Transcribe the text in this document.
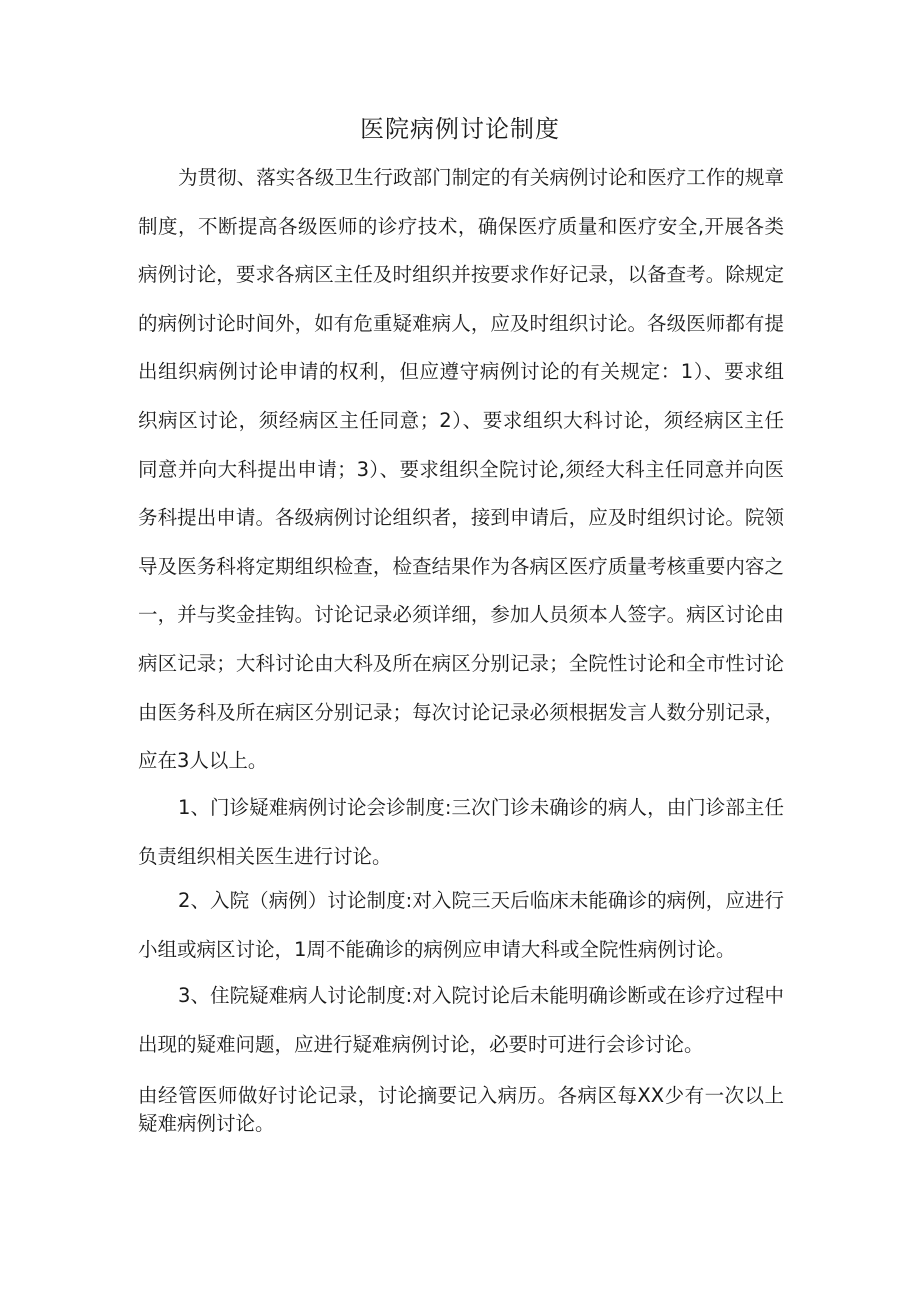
医院病例讨论制度

为贯彻、落实各级卫生行政部门制定的有关病例讨论和医疗工作的规章制度，不断提高各级医师的诊疗技术，确保医疗质量和医疗安全,开展各类病例讨论，要求各病区主任及时组织并按要求作好记录，以备查考。除规定的病例讨论时间外，如有危重疑难病人，应及时组织讨论。各级医师都有提出组织病例讨论申请的权利，但应遵守病例讨论的有关规定：1）、要求组织病区讨论，须经病区主任同意；2）、要求组织大科讨论，须经病区主任同意并向大科提出申请；3）、要求组织全院讨论,须经大科主任同意并向医务科提出申请。各级病例讨论组织者，接到申请后，应及时组织讨论。院领导及医务科将定期组织检查，检查结果作为各病区医疗质量考核重要内容之一，并与奖金挂钩。讨论记录必须详细，参加人员须本人签字。病区讨论由病区记录；大科讨论由大科及所在病区分别记录；全院性讨论和全市性讨论由医务科及所在病区分别记录；每次讨论记录必须根据发言人数分别记录，应在3人以上。

1、门诊疑难病例讨论会诊制度:三次门诊未确诊的病人，由门诊部主任负责组织相关医生进行讨论。

2、入院（病例）讨论制度:对入院三天后临床未能确诊的病例，应进行小组或病区讨论，1周不能确诊的病例应申请大科或全院性病例讨论。

3、住院疑难病人讨论制度:对入院讨论后未能明确诊断或在诊疗过程中出现的疑难问题，应进行疑难病例讨论，必要时可进行会诊讨论。

由经管医师做好讨论记录，讨论摘要记入病历。各病区每XX少有一次以上疑难病例讨论。
